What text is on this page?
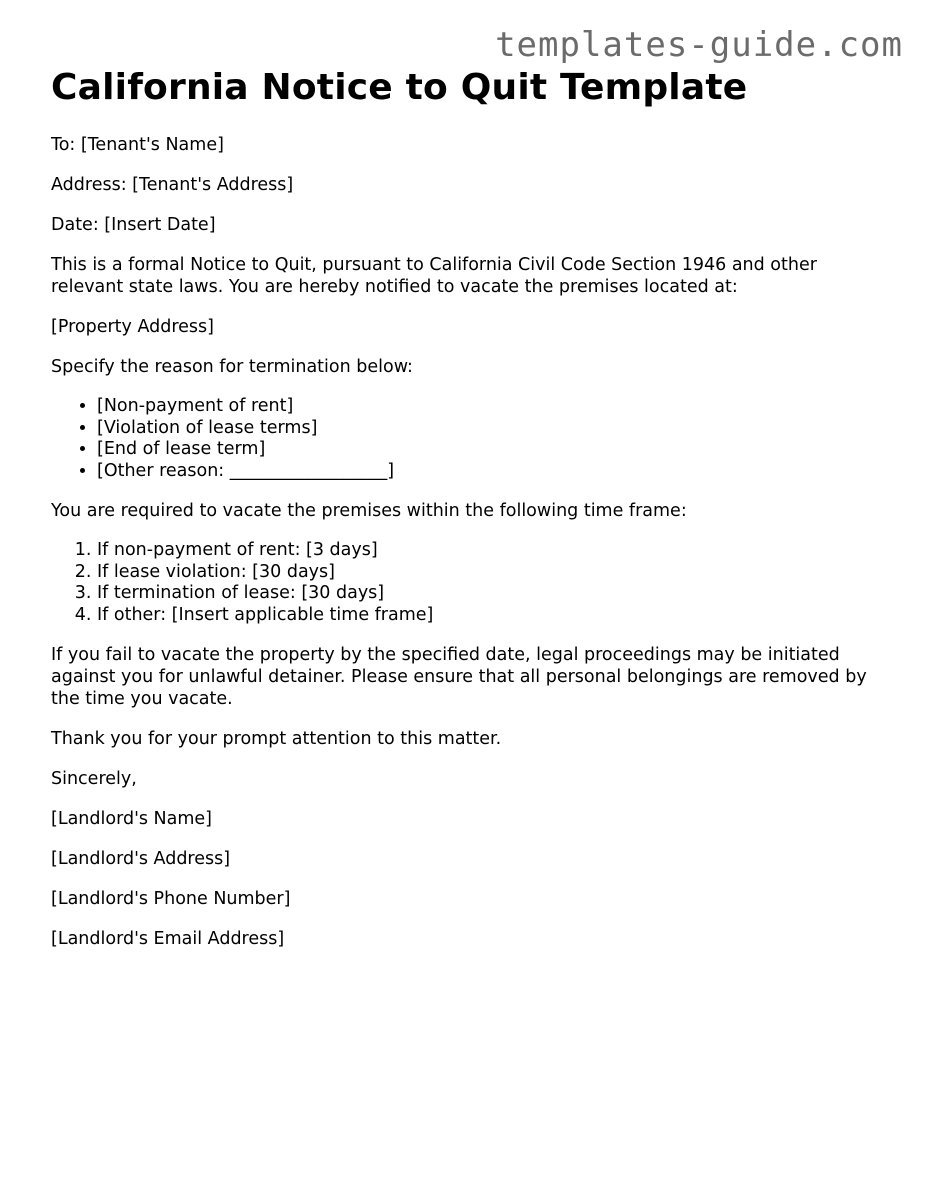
templates-guide.com
California Notice to Quit Template

To: [Tenant's Name]

Address: [Tenant's Address]

Date: [Insert Date]

This is a formal Notice to Quit, pursuant to California Civil Code Section 1946 and other relevant state laws. You are hereby notified to vacate the premises located at:

[Property Address]

Specify the reason for termination below:

• [Non-payment of rent]
• [Violation of lease terms]
• [End of lease term]
• [Other reason: __________________]

You are required to vacate the premises within the following time frame:

1. If non-payment of rent: [3 days]
2. If lease violation: [30 days]
3. If termination of lease: [30 days]
4. If other: [Insert applicable time frame]

If you fail to vacate the property by the specified date, legal proceedings may be initiated against you for unlawful detainer. Please ensure that all personal belongings are removed by the time you vacate.

Thank you for your prompt attention to this matter.

Sincerely,

[Landlord's Name]

[Landlord's Address]

[Landlord's Phone Number]

[Landlord's Email Address]
